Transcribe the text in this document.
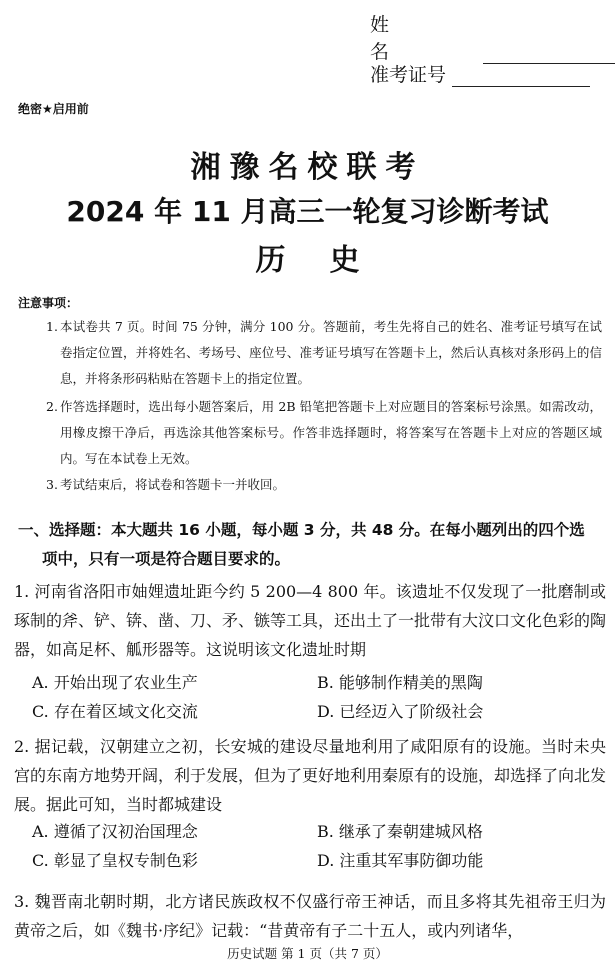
姓名
准考证号
绝密★启用前
湘豫名校联考
2024 年 11 月高三一轮复习诊断考试
历史
注意事项：
1. 本试卷共 7 页。时间 75 分钟，满分 100 分。答题前，考生先将自己的姓名、准考证号填写在试卷指定位置，并将姓名、考场号、座位号、准考证号填写在答题卡上，然后认真核对条形码上的信息，并将条形码粘贴在答题卡上的指定位置。
2. 作答选择题时，选出每小题答案后，用 2B 铅笔把答题卡上对应题目的答案标号涂黑。如需改动，用橡皮擦干净后，再选涂其他答案标号。作答非选择题时，将答案写在答题卡上对应的答题区域内。写在本试卷上无效。
3. 考试结束后，将试卷和答题卡一并收回。
一、选择题：本大题共 16 小题，每小题 3 分，共 48 分。在每小题列出的四个选
项中，只有一项是符合题目要求的。
1. 河南省洛阳市妯娌遗址距今约 5 200—4 800 年。该遗址不仅发现了一批磨制或琢制的斧、铲、锛、凿、刀、矛、镞等工具，还出土了一批带有大汶口文化色彩的陶器，如高足杯、觚形器等。这说明该文化遗址时期
A. 开始出现了农业生产	B. 能够制作精美的黑陶
C. 存在着区域文化交流	D. 已经迈入了阶级社会
2. 据记载，汉朝建立之初，长安城的建设尽量地利用了咸阳原有的设施。当时未央宫的东南方地势开阔，利于发展，但为了更好地利用秦原有的设施，却选择了向北发展。据此可知，当时都城建设
A. 遵循了汉初治国理念	B. 继承了秦朝建城风格
C. 彰显了皇权专制色彩	D. 注重其军事防御功能
3. 魏晋南北朝时期，北方诸民族政权不仅盛行帝王神话，而且多将其先祖帝王归为黄帝之后，如《魏书·序纪》记载：“昔黄帝有子二十五人，或内列诸华，
历史试题 第 1 页（共 7 页）
